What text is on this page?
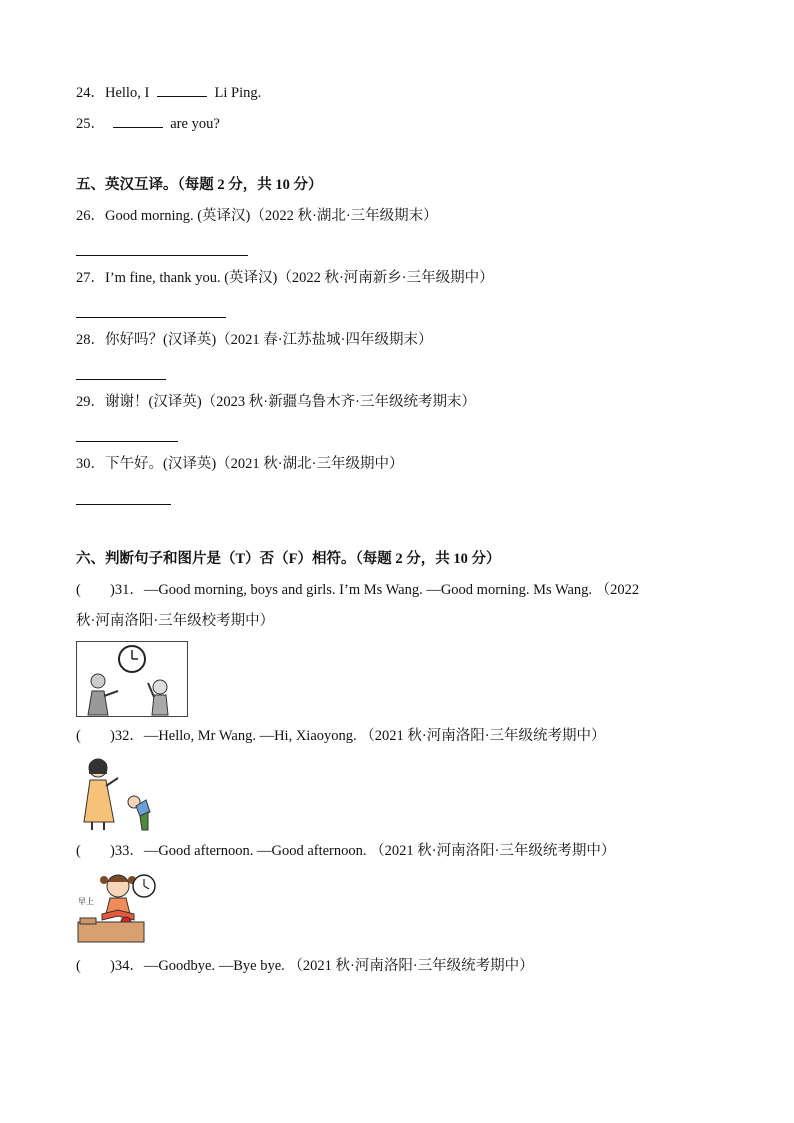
24．Hello, I	Li Ping.
25．	are you?
五、英汉互译。（每题 2 分，共 10 分）
26．Good morning. (英译汉)（2022 秋·湖北·三年级期末）
27．I’m fine, thank you. (英译汉)（2022 秋·河南新乡·三年级期中）
28．你好吗？(汉译英)（2021 春·江苏盐城·四年级期末）
29．谢谢！(汉译英)（2023 秋·新疆乌鲁木齐·三年级统考期末）
30．下午好。(汉译英)（2021 秋·湖北·三年级期中）
六、判断句子和图片是（T）否（F）相符。（每题 2 分，共 10 分）
( )31．—Good morning, boys and girls. I’m Ms Wang. —Good morning. Ms Wang. （2022
秋·河南洛阳·三年级校考期中）
( )32．—Hello, Mr Wang. —Hi, Xiaoyong. （2021 秋·河南洛阳·三年级统考期中）
( )33．—Good afternoon. —Good afternoon. （2021 秋·河南洛阳·三年级统考期中）
早上
( )34．—Goodbye. —Bye bye. （2021 秋·河南洛阳·三年级统考期中）
